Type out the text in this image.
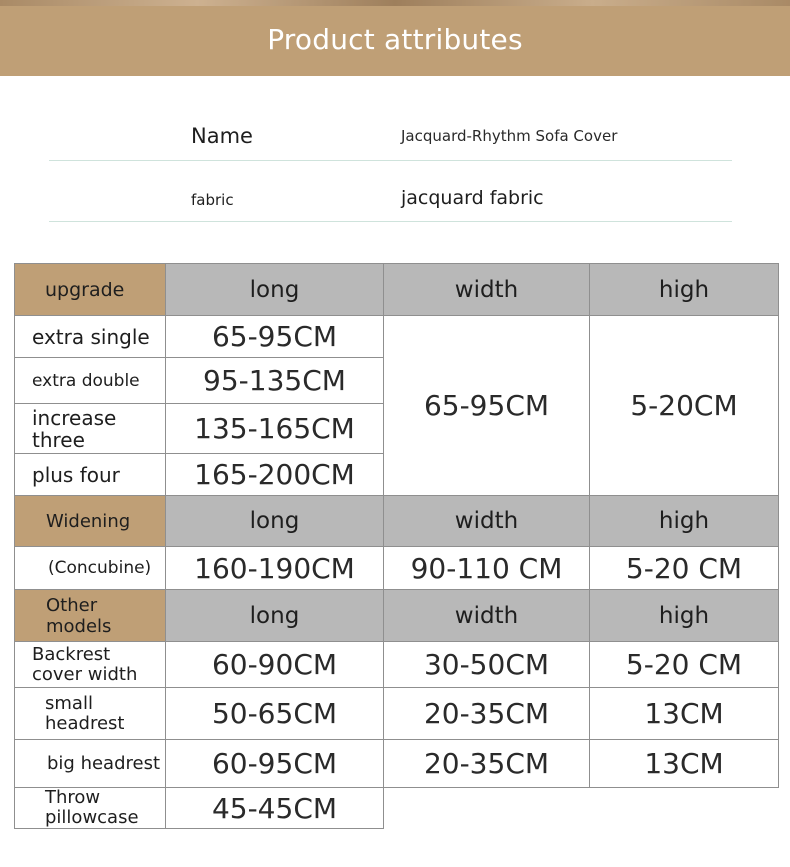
Product attributes
Name	Jacquard-Rhythm Sofa Cover
fabric	jacquard fabric
upgrade	long	width	high
extra single	65-95CM	65-95CM	5-20CM
extra double	95-135CM		
increase three	135-165CM		
plus four	165-200CM		
Widening	long	width	high
(Concubine)	160-190CM	90-110 CM	5-20 CM
Other models	long	width	high
Backrest cover width	60-90CM	30-50CM	5-20 CM
small headrest	50-65CM	20-35CM	13CM
big headrest	60-95CM	20-35CM	13CM
Throw pillowcase	45-45CM		
